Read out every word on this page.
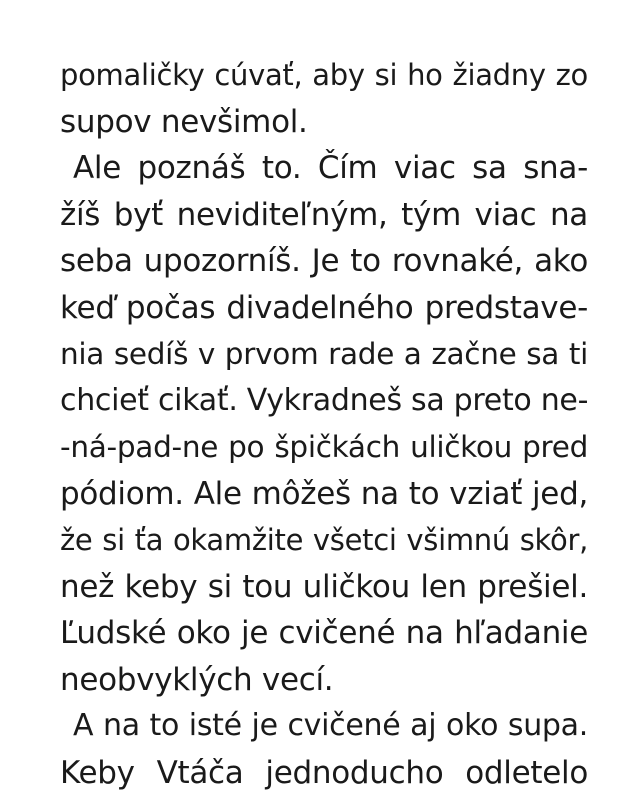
pomaličky cúvať, aby si ho žiadny zo
supov nevšimol.
Ale poznáš to. Čím viac sa sna-
žíš byť neviditeľným, tým viac na
seba upozorníš. Je to rovnaké, ako
keď počas divadelného predstave-
nia sedíš v prvom rade a začne sa ti
chcieť cikať. Vykradneš sa preto ne-
-ná-pad-ne po špičkách uličkou pred
pódiom. Ale môžeš na to vziať jed,
že si ťa okamžite všetci všimnú skôr,
než keby si tou uličkou len prešiel.
Ľudské oko je cvičené na hľadanie
neobvyklých vecí.
A na to isté je cvičené aj oko supa.
Keby Vtáča jednoducho odletelo
